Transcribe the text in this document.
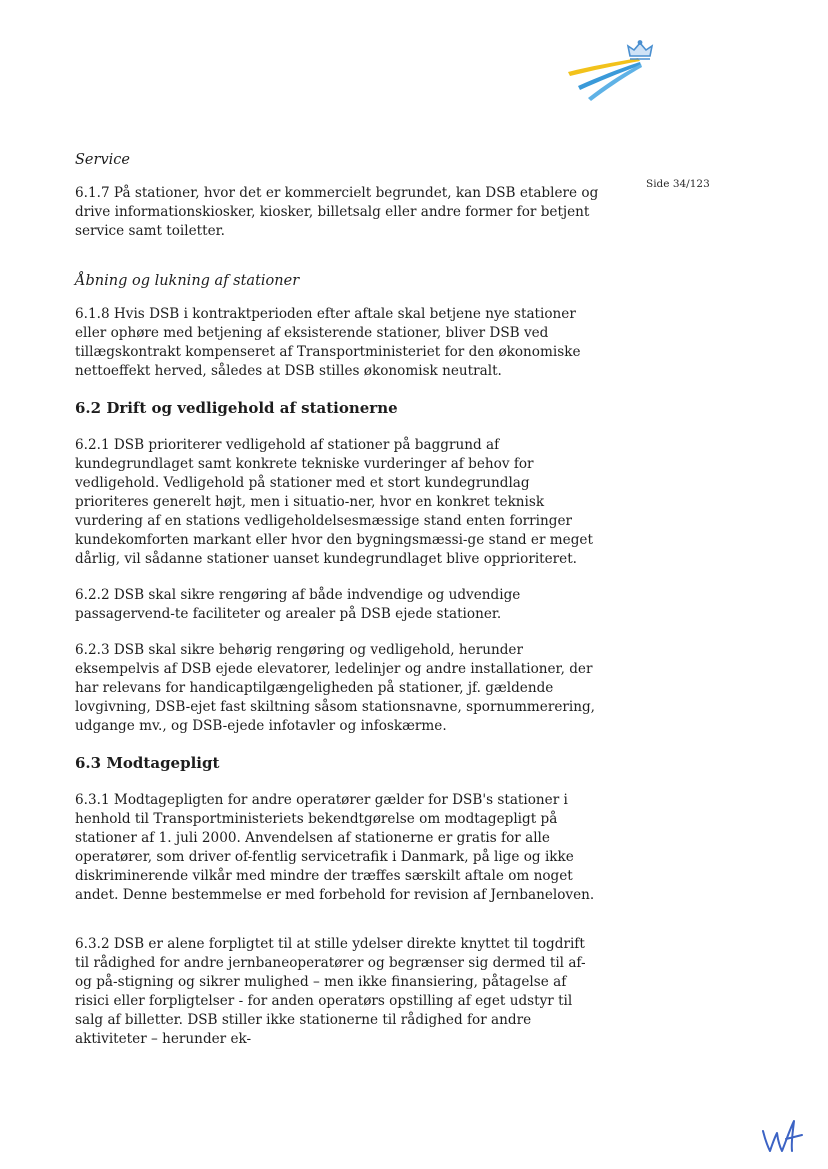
Side 34/123
Service

6.1.7 På stationer, hvor det er kommercielt begrundet, kan DSB etablere og drive informationskiosker, kiosker, billetsalg eller andre former for betjent service samt toiletter.

Åbning og lukning af stationer

6.1.8 Hvis DSB i kontraktperioden efter aftale skal betjene nye stationer eller ophøre med betjening af eksisterende stationer, bliver DSB ved tillægskontrakt kompenseret af Transportministeriet for den økonomiske nettoeffekt herved, således at DSB stilles økonomisk neutralt.

6.2 Drift og vedligehold af stationerne

6.2.1 DSB prioriterer vedligehold af stationer på baggrund af kundegrundlaget samt konkrete tekniske vurderinger af behov for vedligehold. Vedligehold på stationer med et stort kundegrundlag prioriteres generelt højt, men i situatio-ner, hvor en konkret teknisk vurdering af en stations vedligeholdelsesmæssige stand enten forringer kundekomforten markant eller hvor den bygningsmæssi-ge stand er meget dårlig, vil sådanne stationer uanset kundegrundlaget blive opprioriteret.

6.2.2 DSB skal sikre rengøring af både indvendige og udvendige passagervend-te faciliteter og arealer på DSB ejede stationer.

6.2.3 DSB skal sikre behørig rengøring og vedligehold, herunder eksempelvis af DSB ejede elevatorer, ledelinjer og andre installationer, der har relevans for handicaptilgængeligheden på stationer, jf. gældende lovgivning, DSB-ejet fast skiltning såsom stationsnavne, spornummerering, udgange mv., og DSB-ejede infotavler og infoskærme.

6.3 Modtagepligt

6.3.1 Modtagepligten for andre operatører gælder for DSB's stationer i henhold til Transportministeriets bekendtgørelse om modtagepligt på stationer af 1. juli 2000. Anvendelsen af stationerne er gratis for alle operatører, som driver of-fentlig servicetrafik i Danmark, på lige og ikke diskriminerende vilkår med mindre der træffes særskilt aftale om noget andet. Denne bestemmelse er med forbehold for revision af Jernbaneloven.

6.3.2 DSB er alene forpligtet til at stille ydelser direkte knyttet til togdrift til rådighed for andre jernbaneoperatører og begrænser sig dermed til af- og på-stigning og sikrer mulighed – men ikke finansiering, påtagelse af risici eller forpligtelser - for anden operatørs opstilling af eget udstyr til salg af billetter. DSB stiller ikke stationerne til rådighed for andre aktiviteter – herunder ek-
